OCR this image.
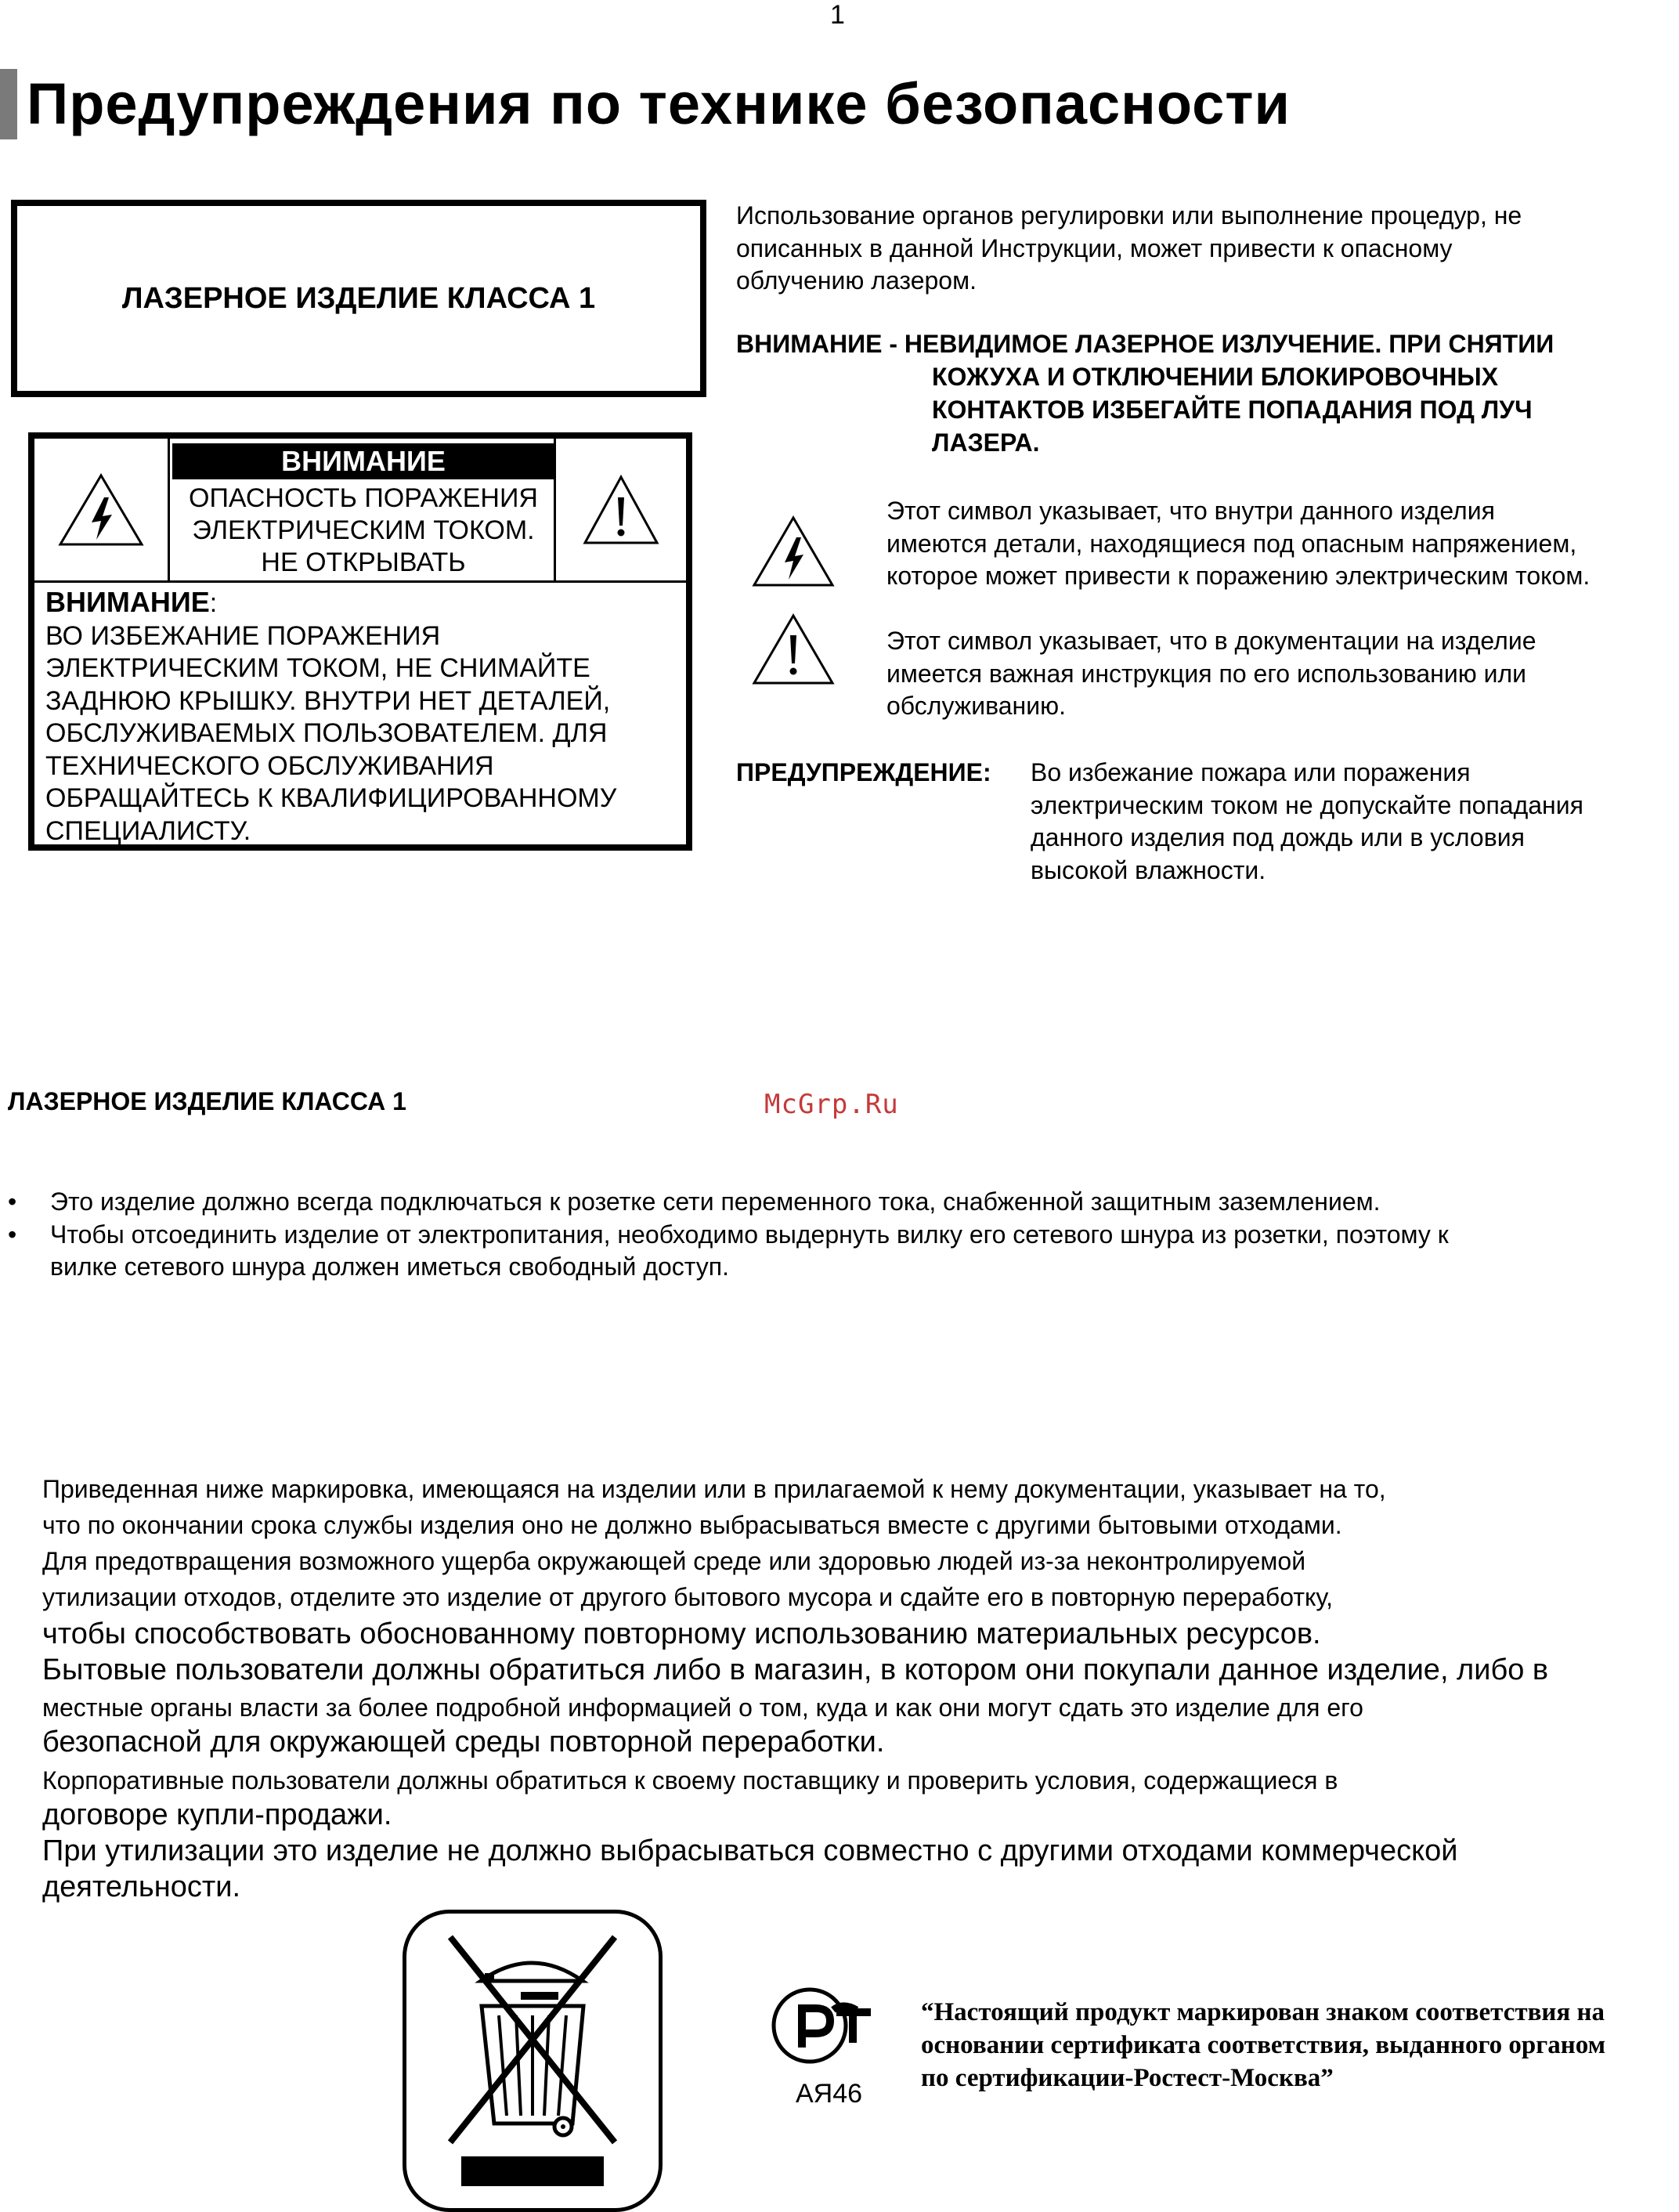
1
Предупреждения по технике безопасности
ЛАЗЕРНОЕ ИЗДЕЛИЕ КЛАССА 1
ВНИМАНИЕ
ОПАСНОСТЬ ПОРАЖЕНИЯ
ЭЛЕКТРИЧЕСКИМ ТОКОМ.
НЕ ОТКРЫВАТЬ
ВНИМАНИЕ:
ВО ИЗБЕЖАНИЕ ПОРАЖЕНИЯ
ЭЛЕКТРИЧЕСКИМ ТОКОМ, НЕ СНИМАЙТЕ
ЗАДНЮЮ КРЫШКУ. ВНУТРИ НЕТ ДЕТАЛЕЙ,
ОБСЛУЖИВАЕМЫХ ПОЛЬЗОВАТЕЛЕМ. ДЛЯ
ТЕХНИЧЕСКОГО ОБСЛУЖИВАНИЯ
ОБРАЩАЙТЕСЬ К КВАЛИФИЦИРОВАННОМУ
СПЕЦИАЛИСТУ.
Использование органов регулировки или выполнение процедур, не
описанных в данной Инструкции, может привести к опасному
облучению лазером.
ВНИМАНИЕ - НЕВИДИМОЕ ЛАЗЕРНОЕ ИЗЛУЧЕНИЕ. ПРИ СНЯТИИ
КОЖУХА И ОТКЛЮЧЕНИИ БЛОКИРОВОЧНЫХ
КОНТАКТОВ ИЗБЕГАЙТЕ ПОПАДАНИЯ ПОД ЛУЧ
ЛАЗЕРА.
Этот символ указывает, что внутри данного изделия
имеются детали, находящиеся под опасным напряжением,
которое может привести к поражению электрическим током.
Этот символ указывает, что в документации на изделие
имеется важная инструкция по его использованию или
обслуживанию.
ПРЕДУПРЕЖДЕНИЕ: Во избежание пожара или поражения
электрическим током не допускайте попадания
данного изделия под дождь или в условия
высокой влажности.
ЛАЗЕРНОЕ ИЗДЕЛИЕ КЛАССА 1	McGrp.Ru
• Это изделие должно всегда подключаться к розетке сети переменного тока, снабженной защитным заземлением.
• Чтобы отсоединить изделие от электропитания, необходимо выдернуть вилку его сетевого шнура из розетки, поэтому к
вилке сетевого шнура должен иметься свободный доступ.
Приведенная ниже маркировка, имеющаяся на изделии или в прилагаемой к нему документации, указывает на то,
что по окончании срока службы изделия оно не должно выбрасываться вместе с другими бытовыми отходами.
Для предотвращения возможного ущерба окружающей среде или здоровью людей из-за неконтролируемой
утилизации отходов, отделите это изделие от другого бытового мусора и сдайте его в повторную переработку,
чтобы способствовать обоснованному повторному использованию материальных ресурсов.
Бытовые пользователи должны обратиться либо в магазин, в котором они покупали данное изделие, либо в
местные органы власти за более подробной информацией о том, куда и как они могут сдать это изделие для его
безопасной для окружающей среды повторной переработки.
Корпоративные пользователи должны обратиться к своему поставщику и проверить условия, содержащиеся в
договоре купли-продажи.
При утилизации это изделие не должно выбрасываться совместно с другими отходами коммерческой
деятельности.
АЯ46
“Настоящий продукт маркирован знаком соответствия на
основании сертификата соответствия, выданного органом
по сертификации-Ростест-Москва”
